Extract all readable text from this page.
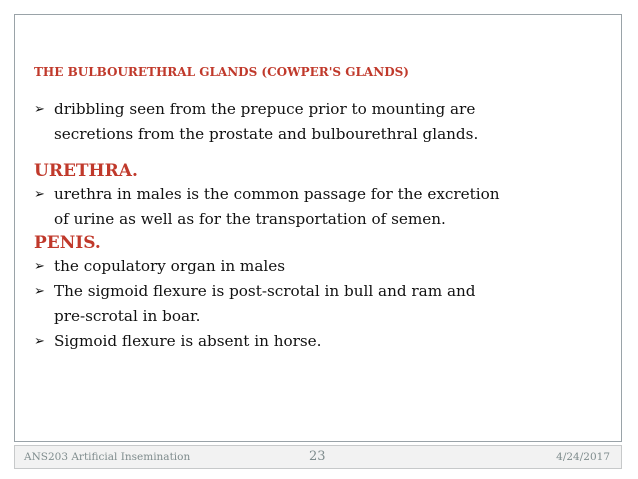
THE BULBOURETHRAL GLANDS (COWPER'S GLANDS)
➢ dribbling seen from the prepuce prior to mounting are
secretions from the prostate and bulbourethral glands.
URETHRA.
➢ urethra in males is the common passage for the excretion
of urine as well as for the transportation of semen.
PENIS.
➢ the copulatory organ in males
➢ The sigmoid flexure is post-scrotal in bull and ram and
pre-scrotal in boar.
➢ Sigmoid flexure is absent in horse.
ANS203 Artificial Insemination	23	4/24/2017
